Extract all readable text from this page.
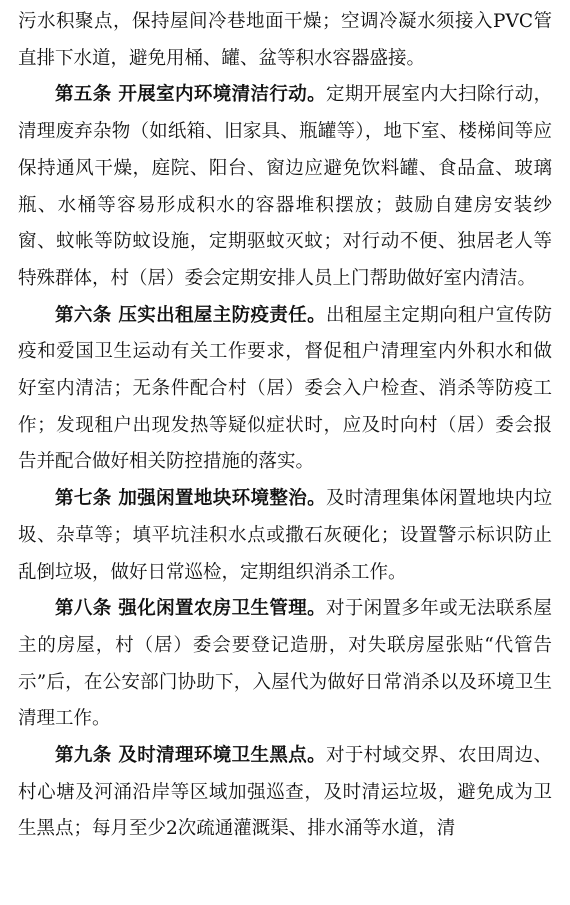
污水积聚点，保持屋间冷巷地面干燥；空调冷凝水须接入PVC管直排下水道，避免用桶、罐、盆等积水容器盛接。

第五条 开展室内环境清洁行动。定期开展室内大扫除行动，清理废弃杂物（如纸箱、旧家具、瓶罐等），地下室、楼梯间等应保持通风干燥，庭院、阳台、窗边应避免饮料罐、食品盒、玻璃瓶、水桶等容易形成积水的容器堆积摆放；鼓励自建房安装纱窗、蚊帐等防蚊设施，定期驱蚊灭蚊；对行动不便、独居老人等特殊群体，村（居）委会定期安排人员上门帮助做好室内清洁。

第六条 压实出租屋主防疫责任。出租屋主定期向租户宣传防疫和爱国卫生运动有关工作要求，督促租户清理室内外积水和做好室内清洁；无条件配合村（居）委会入户检查、消杀等防疫工作；发现租户出现发热等疑似症状时，应及时向村（居）委会报告并配合做好相关防控措施的落实。

第七条 加强闲置地块环境整治。及时清理集体闲置地块内垃圾、杂草等；填平坑洼积水点或撒石灰硬化；设置警示标识防止乱倒垃圾，做好日常巡检，定期组织消杀工作。

第八条 强化闲置农房卫生管理。对于闲置多年或无法联系屋主的房屋，村（居）委会要登记造册，对失联房屋张贴“代管告示”后，在公安部门协助下，入屋代为做好日常消杀以及环境卫生清理工作。

第九条 及时清理环境卫生黑点。对于村域交界、农田周边、村心塘及河涌沿岸等区域加强巡查，及时清运垃圾，避免成为卫生黑点；每月至少2次疏通灌溉渠、排水涌等水道，清
